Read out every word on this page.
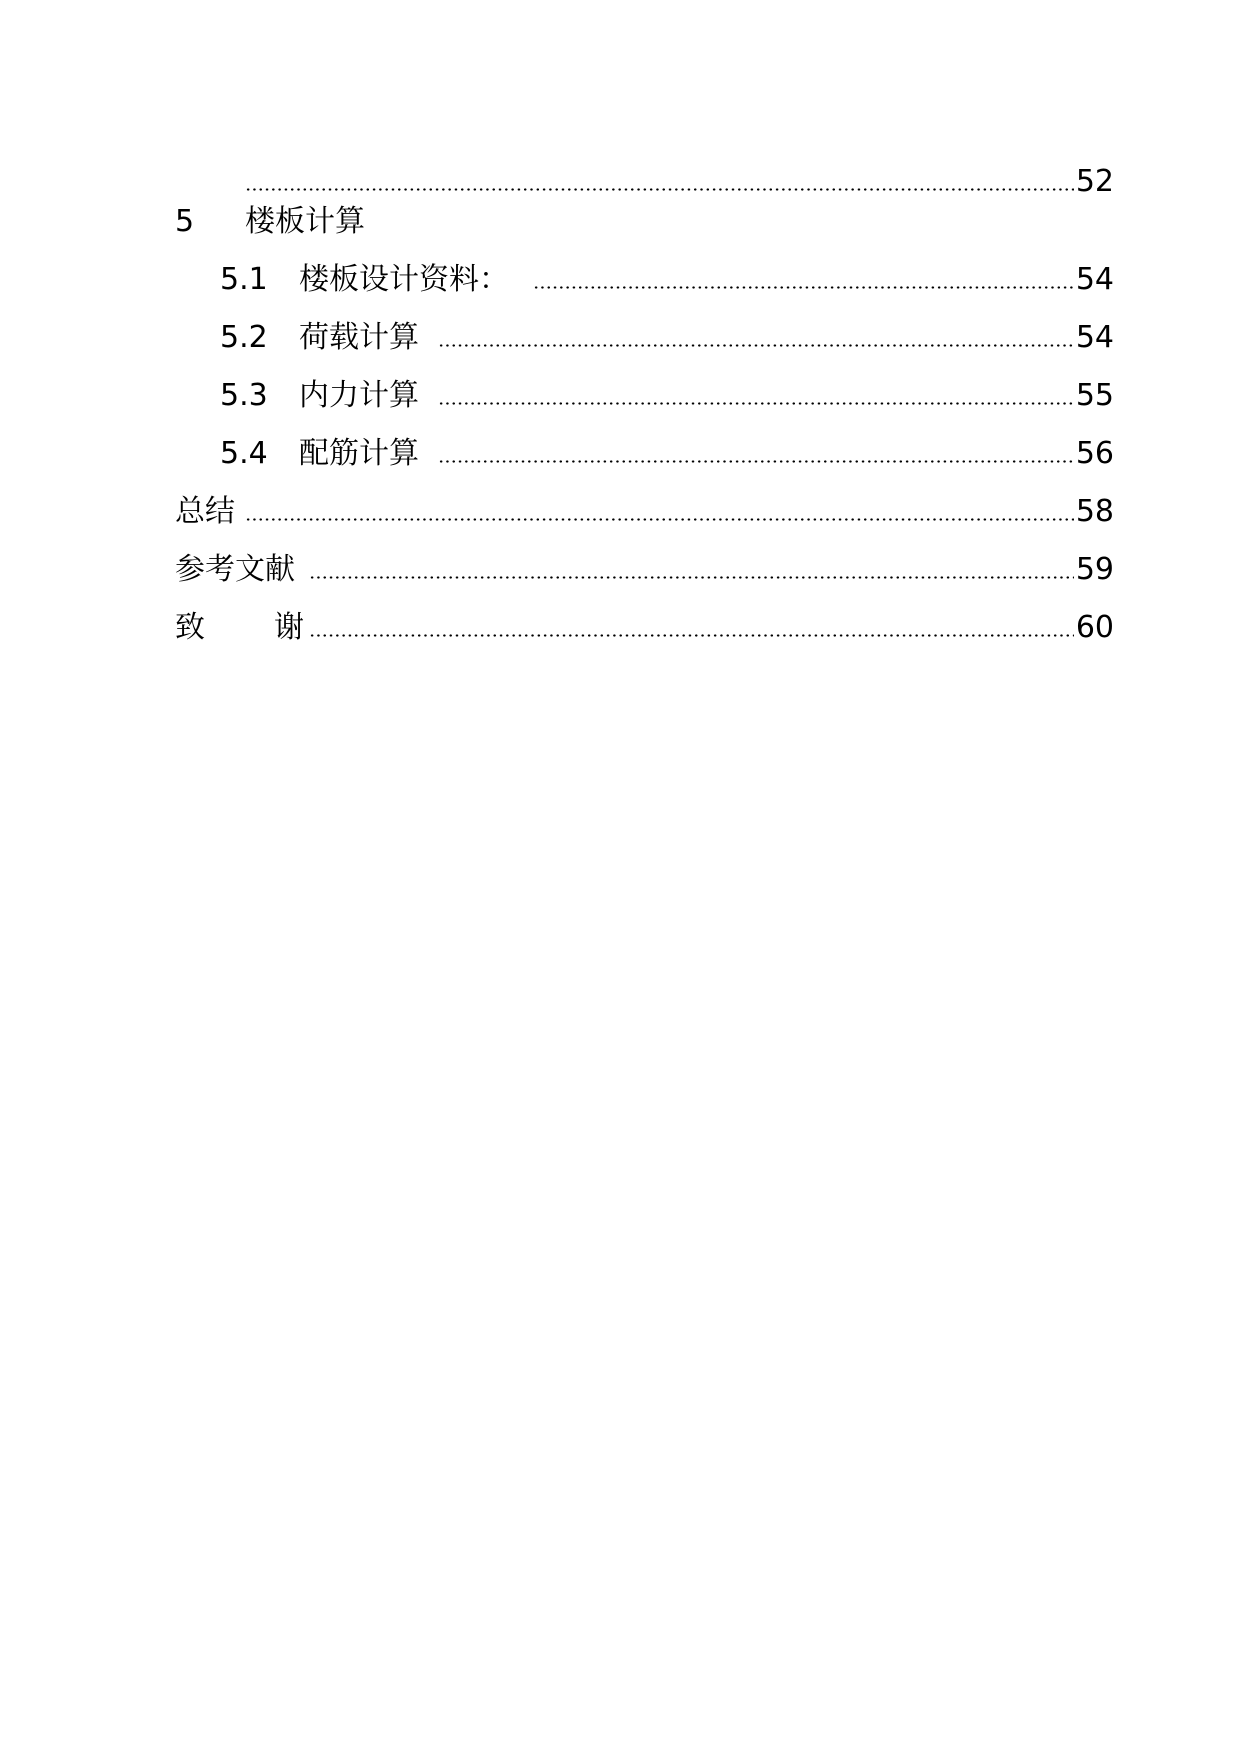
52
5 楼板计算
5.1 楼板设计资料：	54
5.2 荷载计算	54
5.3 内力计算	55
5.4 配筋计算	56
总结	58
参考文献	59
致 谢	60
